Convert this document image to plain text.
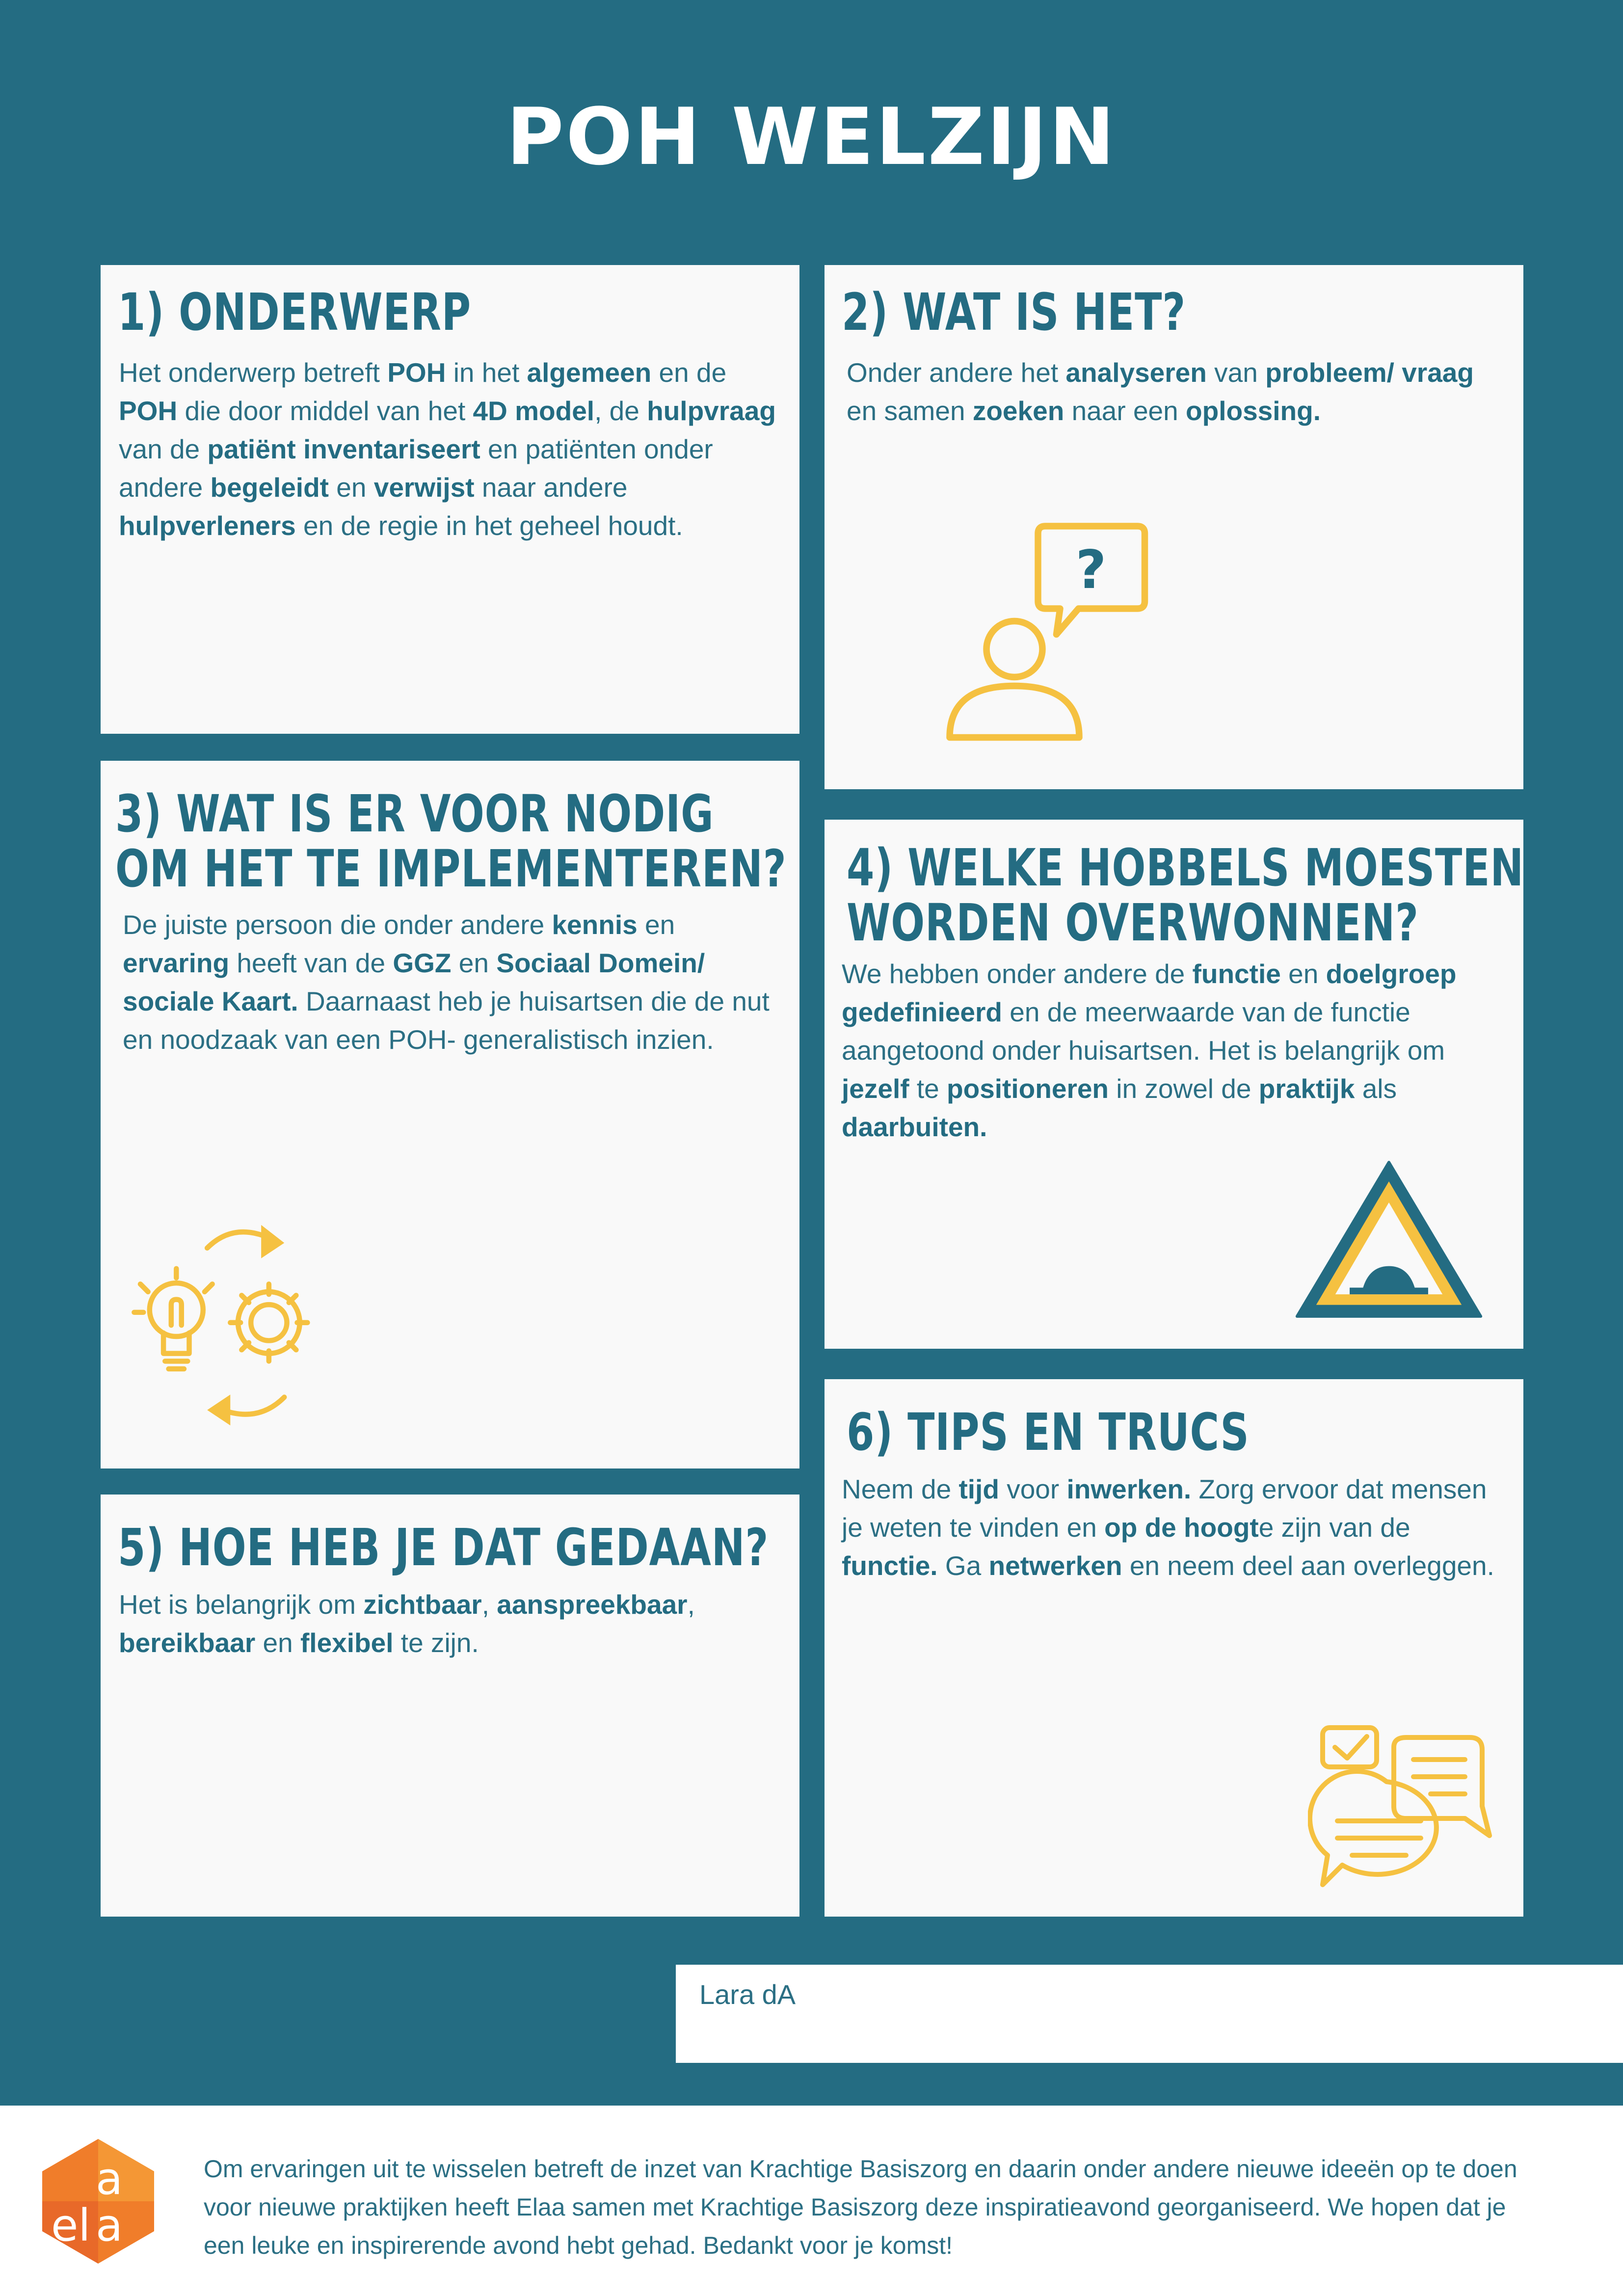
POH WELZIJN
1) ONDERWERP

Het onderwerp betreft POH in het algemeen en de POH die door middel van het 4D model, de hulpvraag van de patiënt inventariseert en patiënten onder andere begeleidt en verwijst naar andere hulpverleners en de regie in het geheel houdt.

2) WAT IS HET?

Onder andere het analyseren van probleem/ vraag en samen zoeken naar een oplossing.

?
3) WAT IS ER VOOR NODIG
OM HET TE IMPLEMENTEREN?

De juiste persoon die onder andere kennis en ervaring heeft van de GGZ en Sociaal Domein/ sociale Kaart. Daarnaast heb je huisartsen die de nut en noodzaak van een POH- generalistisch inzien.

4) WELKE HOBBELS MOESTEN
WORDEN OVERWONNEN?

We hebben onder andere de functie en doelgroep gedefinieerd en de meerwaarde van de functie aangetoond onder huisartsen. Het is belangrijk om jezelf te positioneren in zowel de praktijk als daarbuiten.

5) HOE HEB JE DAT GEDAAN?

Het is belangrijk om zichtbaar, aanspreekbaar, bereikbaar en flexibel te zijn.

6) TIPS EN TRUCS

Neem de tijd voor inwerken. Zorg ervoor dat mensen je weten te vinden en op de hoogte zijn van de functie. Ga netwerken en neem deel aan overleggen.

Lara dA
a
el a

Om ervaringen uit te wisselen betreft de inzet van Krachtige Basiszorg en daarin onder andere nieuwe ideeën op te doen voor nieuwe praktijken heeft Elaa samen met Krachtige Basiszorg deze inspiratieavond georganiseerd. We hopen dat je een leuke en inspirerende avond hebt gehad. Bedankt voor je komst!
